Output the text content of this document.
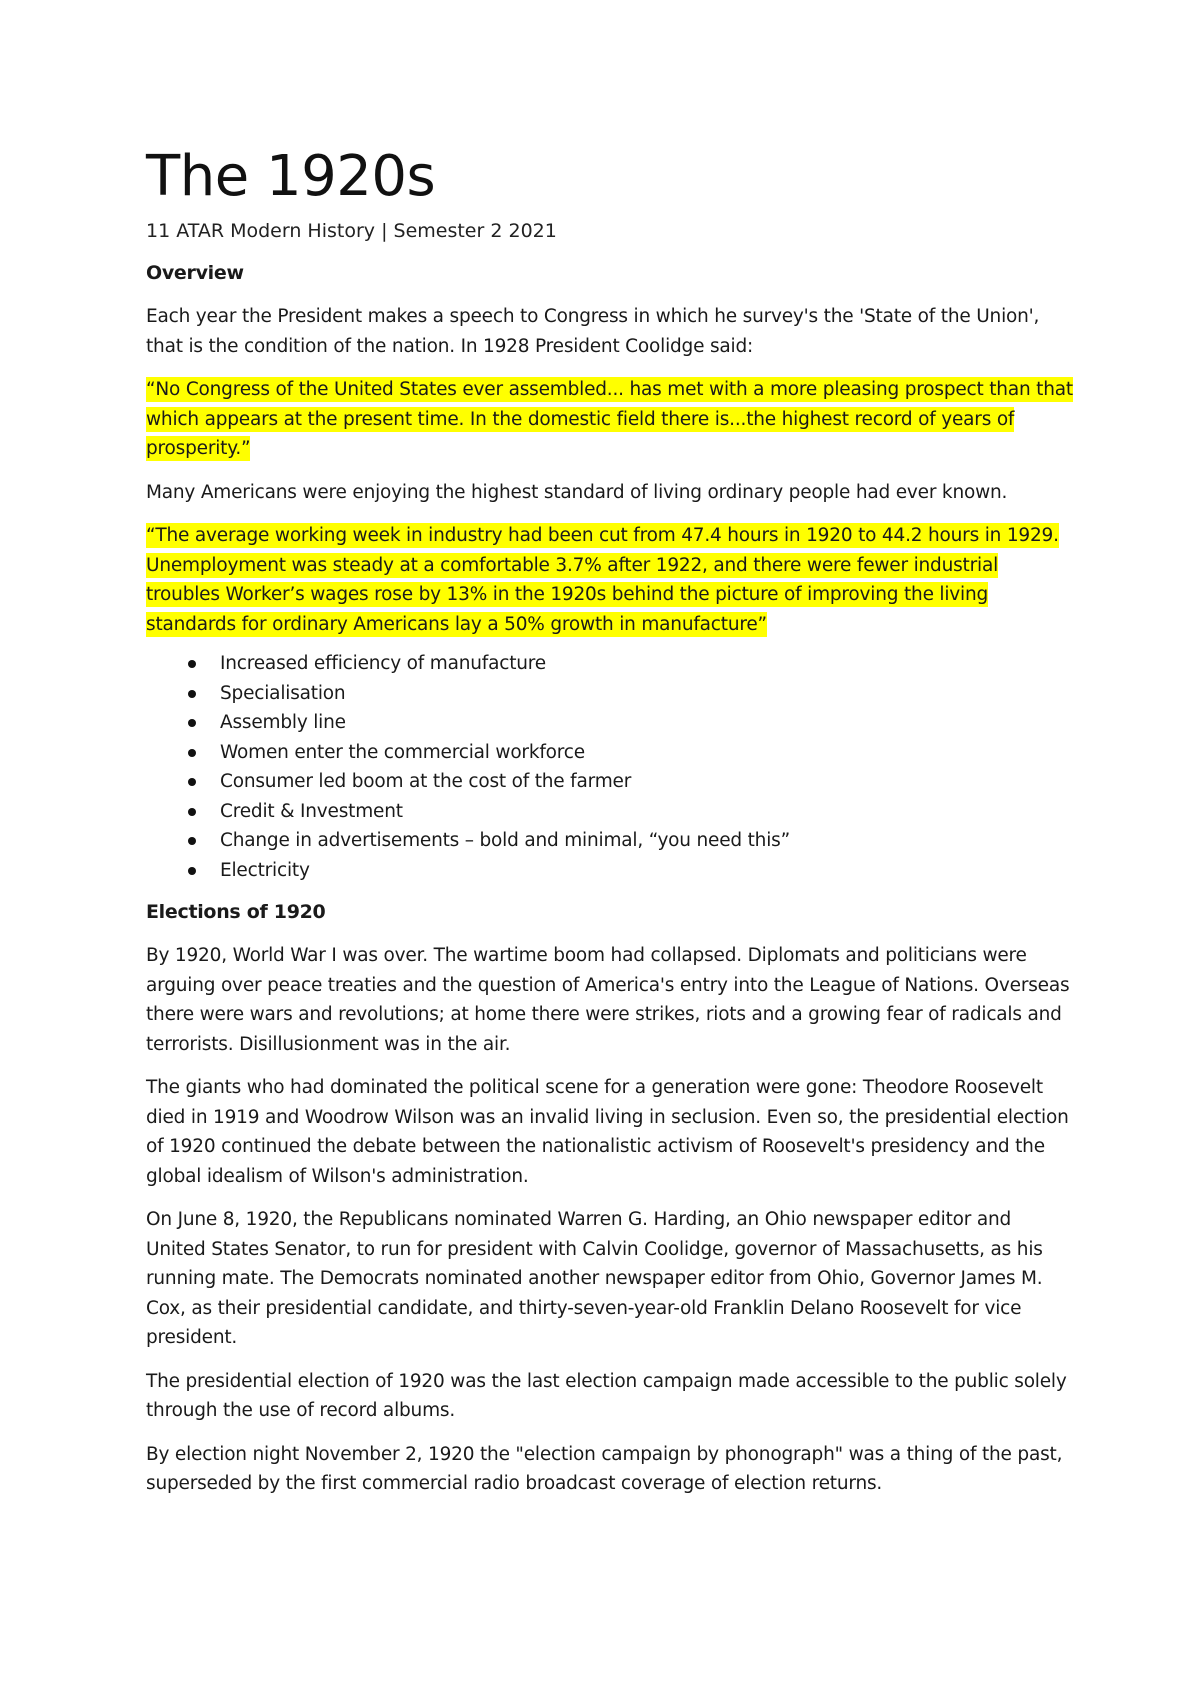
The 1920s
11 ATAR Modern History | Semester 2 2021
Overview

Each year the President makes a speech to Congress in which he survey's the 'State of the Union', that is the condition of the nation. In 1928 President Coolidge said:

“No Congress of the United States ever assembled... has met with a more pleasing prospect than that which appears at the present time. In the domestic field there is...the highest record of years of prosperity.”

Many Americans were enjoying the highest standard of living ordinary people had ever known.

“The average working week in industry had been cut from 47.4 hours in 1920 to 44.2 hours in 1929. Unemployment was steady at a comfortable 3.7% after 1922, and there were fewer industrial troubles Worker’s wages rose by 13% in the 1920s behind the picture of improving the living standards for ordinary Americans lay a 50% growth in manufacture”

Increased efficiency of manufacture
Specialisation
Assembly line
Women enter the commercial workforce
Consumer led boom at the cost of the farmer
Credit & Investment
Change in advertisements – bold and minimal, “you need this”
Electricity
Elections of 1920

By 1920, World War I was over. The wartime boom had collapsed. Diplomats and politicians were arguing over peace treaties and the question of America's entry into the League of Nations. Overseas there were wars and revolutions; at home there were strikes, riots and a growing fear of radicals and terrorists. Disillusionment was in the air.

The giants who had dominated the political scene for a generation were gone: Theodore Roosevelt died in 1919 and Woodrow Wilson was an invalid living in seclusion. Even so, the presidential election of 1920 continued the debate between the nationalistic activism of Roosevelt's presidency and the global idealism of Wilson's administration.

On June 8, 1920, the Republicans nominated Warren G. Harding, an Ohio newspaper editor and United States Senator, to run for president with Calvin Coolidge, governor of Massachusetts, as his running mate. The Democrats nominated another newspaper editor from Ohio, Governor James M. Cox, as their presidential candidate, and thirty-seven-year-old Franklin Delano Roosevelt for vice president.

The presidential election of 1920 was the last election campaign made accessible to the public solely through the use of record albums.

By election night November 2, 1920 the "election campaign by phonograph" was a thing of the past, superseded by the first commercial radio broadcast coverage of election returns.
